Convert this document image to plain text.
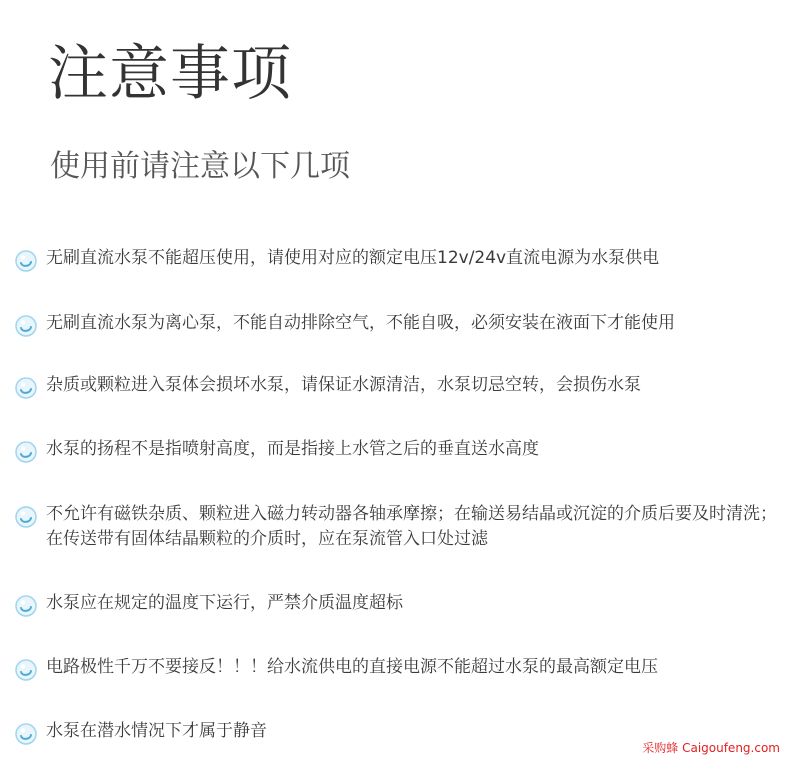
注意事项
使用前请注意以下几项
无刷直流水泵不能超压使用，请使用对应的额定电压12v/24v直流电源为水泵供电
无刷直流水泵为离心泵，不能自动排除空气，不能自吸，必须安装在液面下才能使用
杂质或颗粒进入泵体会损坏水泵，请保证水源清洁，水泵切忌空转，会损伤水泵
水泵的扬程不是指喷射高度，而是指接上水管之后的垂直送水高度
不允许有磁铁杂质、颗粒进入磁力转动器各轴承摩擦；在输送易结晶或沉淀的介质后要及时清洗；在传送带有固体结晶颗粒的介质时，应在泵流管入口处过滤
水泵应在规定的温度下运行，严禁介质温度超标
电路极性千万不要接反！！！给水流供电的直接电源不能超过水泵的最高额定电压
水泵在潜水情况下才属于静音
采购蜂 Caigoufeng.com
